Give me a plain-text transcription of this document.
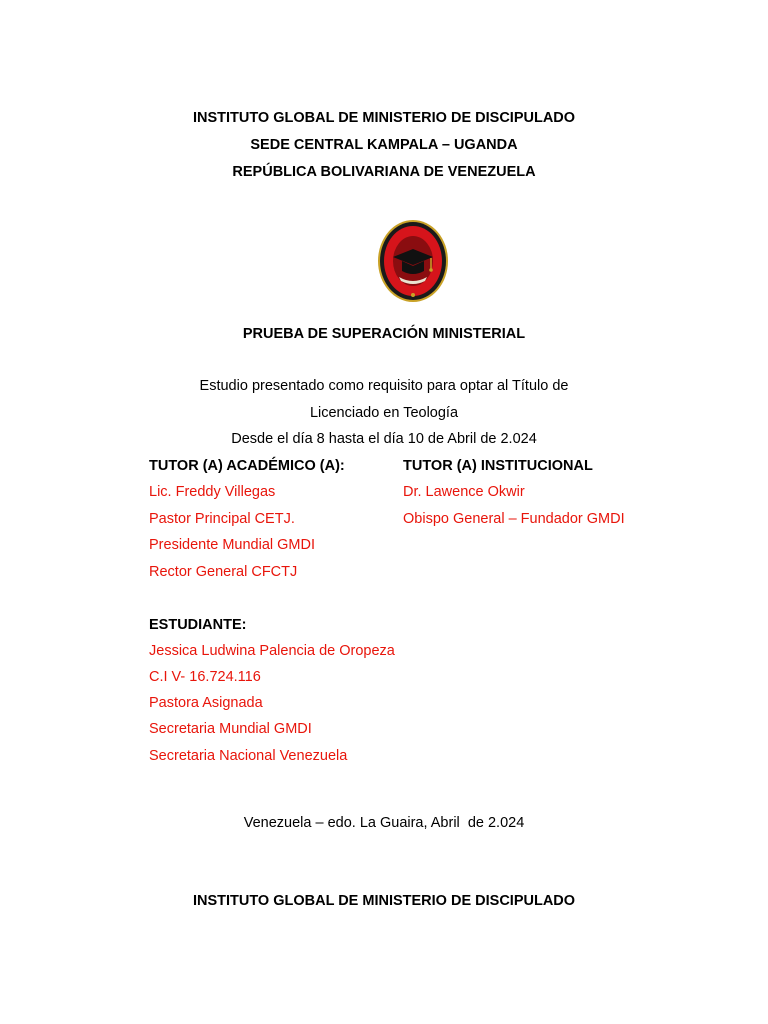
INSTITUTO GLOBAL DE MINISTERIO DE DISCIPULADO
SEDE CENTRAL KAMPALA – UGANDA
REPÚBLICA BOLIVARIANA DE VENEZUELA
PRUEBA DE SUPERACIÓN MINISTERIAL
Estudio presentado como requisito para optar al Título de
Licenciado en Teología
Desde el día 8 hasta el día 10 de Abril de 2.024
TUTOR (A) ACADÉMICO (A):
Lic. Freddy Villegas
Pastor Principal CETJ.
Presidente Mundial GMDI
Rector General CFCTJ
TUTOR (A) INSTITUCIONAL
Dr. Lawence Okwir
Obispo General – Fundador GMDI
ESTUDIANTE:
Jessica Ludwina Palencia de Oropeza
C.I V- 16.724.116
Pastora Asignada
Secretaria Mundial GMDI
Secretaria Nacional Venezuela
Venezuela – edo. La Guaira, Abril  de 2.024
INSTITUTO GLOBAL DE MINISTERIO DE DISCIPULADO
